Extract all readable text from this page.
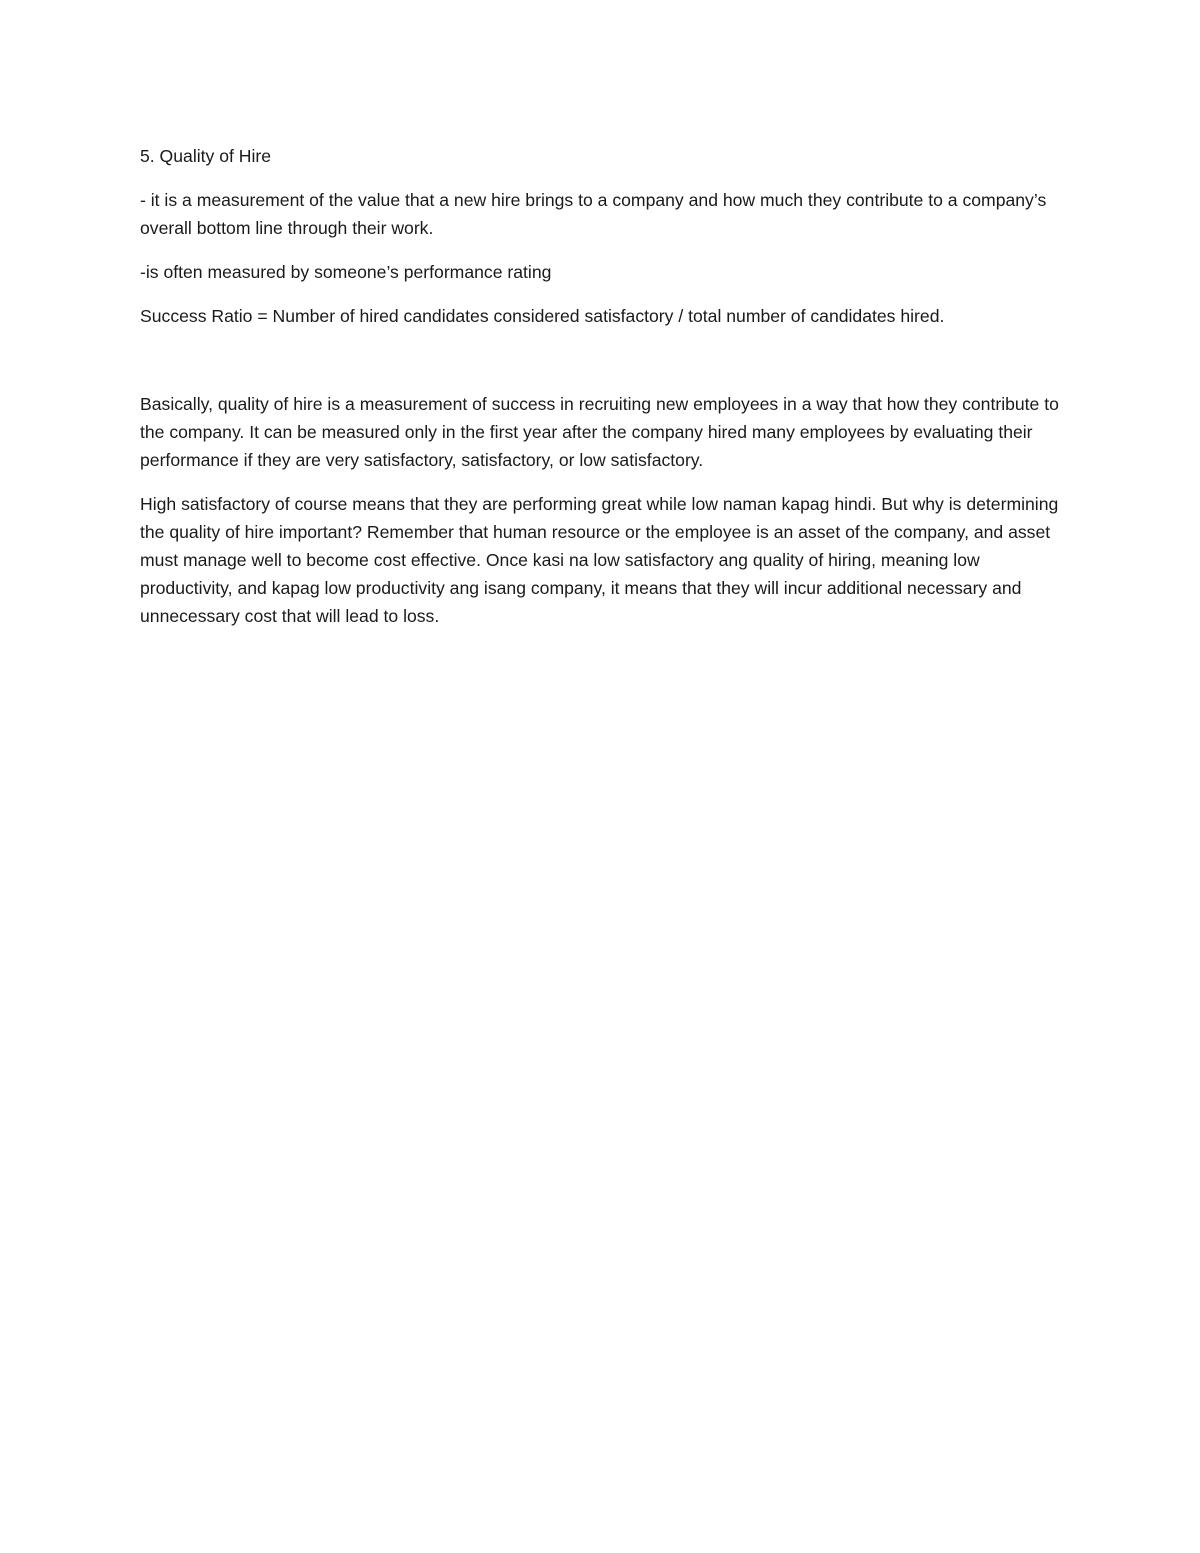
5. Quality of Hire

- it is a measurement of the value that a new hire brings to a company and how much they contribute to a company’s overall bottom line through their work.

-is often measured by someone’s performance rating

Success Ratio = Number of hired candidates considered satisfactory / total number of candidates hired.

Basically, quality of hire is a measurement of success in recruiting new employees in a way that how they contribute to the company. It can be measured only in the first year after the company hired many employees by evaluating their performance if they are very satisfactory, satisfactory, or low satisfactory.

High satisfactory of course means that they are performing great while low naman kapag hindi. But why is determining the quality of hire important? Remember that human resource or the employee is an asset of the company, and asset must manage well to become cost effective. Once kasi na low satisfactory ang quality of hiring, meaning low productivity, and kapag low productivity ang isang company, it means that they will incur additional necessary and unnecessary cost that will lead to loss.
